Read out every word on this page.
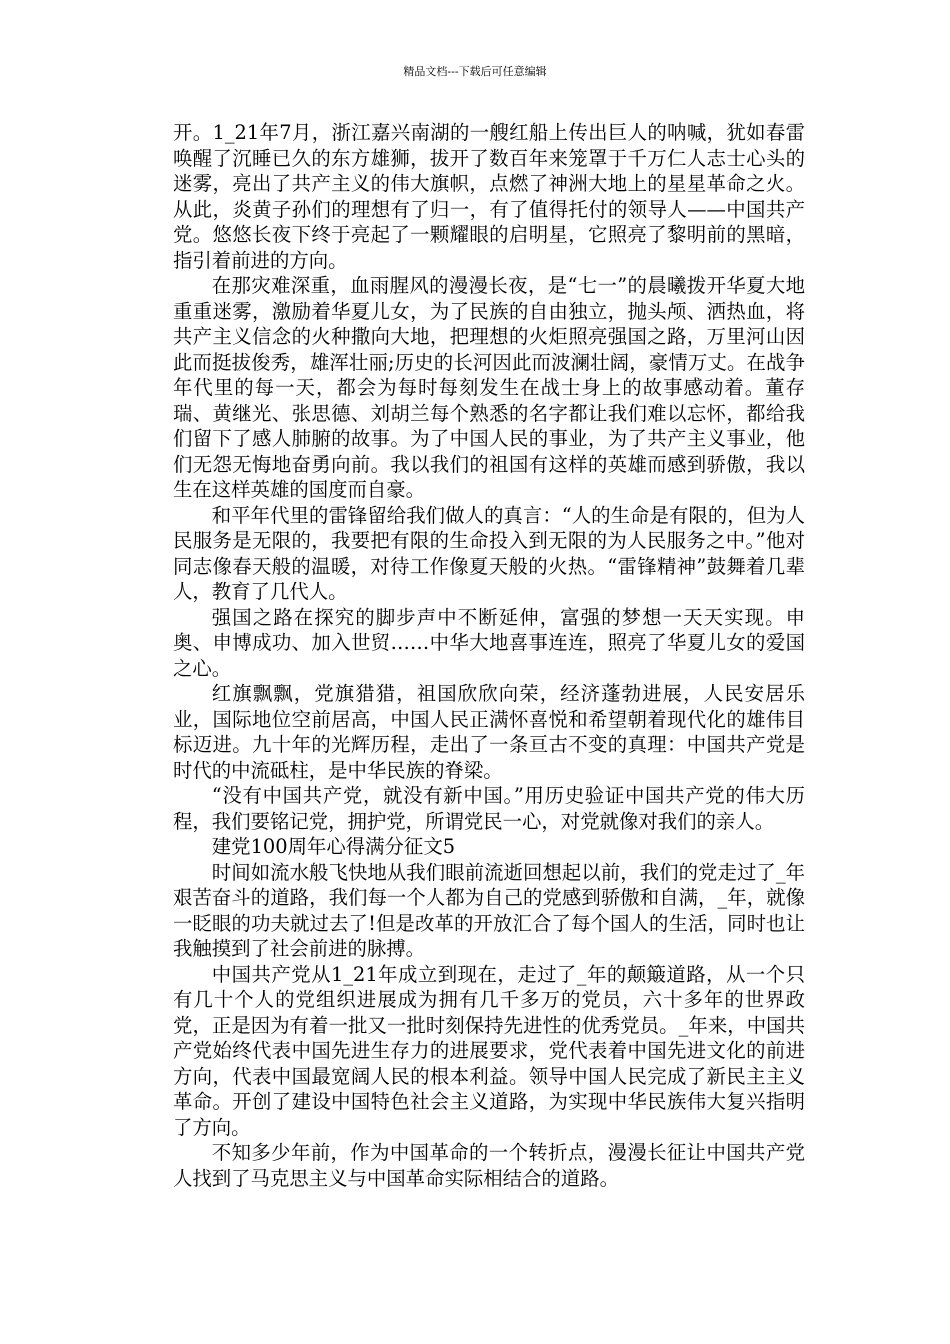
精品文档---下载后可任意编辑

开。1_21年7月，浙江嘉兴南湖的一艘红船上传出巨人的呐喊，犹如春雷唤醒了沉睡已久的东方雄狮，拔开了数百年来笼罩于千万仁人志士心头的迷雾，亮出了共产主义的伟大旗帜，点燃了神洲大地上的星星革命之火。从此，炎黄子孙们的理想有了归一，有了值得托付的领导人——中国共产党。悠悠长夜下终于亮起了一颗耀眼的启明星，它照亮了黎明前的黑暗，指引着前进的方向。

在那灾难深重，血雨腥风的漫漫长夜，是“七一”的晨曦拨开华夏大地重重迷雾，激励着华夏儿女，为了民族的自由独立，抛头颅、洒热血，将共产主义信念的火种撒向大地，把理想的火炬照亮强国之路，万里河山因此而挺拔俊秀，雄浑壮丽;历史的长河因此而波澜壮阔，豪情万丈。在战争年代里的每一天，都会为每时每刻发生在战士身上的故事感动着。董存瑞、黄继光、张思德、刘胡兰每个熟悉的名字都让我们难以忘怀，都给我们留下了感人肺腑的故事。为了中国人民的事业，为了共产主义事业，他们无怨无悔地奋勇向前。我以我们的祖国有这样的英雄而感到骄傲，我以生在这样英雄的国度而自豪。

和平年代里的雷锋留给我们做人的真言：“人的生命是有限的，但为人民服务是无限的，我要把有限的生命投入到无限的为人民服务之中。”他对同志像春天般的温暖，对待工作像夏天般的火热。“雷锋精神”鼓舞着几辈人，教育了几代人。

强国之路在探究的脚步声中不断延伸，富强的梦想一天天实现。申奥、申博成功、加入世贸……中华大地喜事连连，照亮了华夏儿女的爱国之心。

红旗飘飘，党旗猎猎，祖国欣欣向荣，经济蓬勃进展，人民安居乐业，国际地位空前居高，中国人民正满怀喜悦和希望朝着现代化的雄伟目标迈进。九十年的光辉历程，走出了一条亘古不变的真理：中国共产党是时代的中流砥柱，是中华民族的脊梁。

“没有中国共产党，就没有新中国。”用历史验证中国共产党的伟大历程，我们要铭记党，拥护党，所谓党民一心，对党就像对我们的亲人。

建党100周年心得满分征文5

时间如流水般飞快地从我们眼前流逝回想起以前，我们的党走过了_年艰苦奋斗的道路，我们每一个人都为自己的党感到骄傲和自满，_年，就像一眨眼的功夫就过去了!但是改革的开放汇合了每个国人的生活，同时也让我触摸到了社会前进的脉搏。

中国共产党从1_21年成立到现在，走过了_年的颠簸道路，从一个只有几十个人的党组织进展成为拥有几千多万的党员，六十多年的世界政党，正是因为有着一批又一批时刻保持先进性的优秀党员。_年来，中国共产党始终代表中国先进生存力的进展要求，党代表着中国先进文化的前进方向，代表中国最宽阔人民的根本利益。领导中国人民完成了新民主主义革命。开创了建设中国特色社会主义道路，为实现中华民族伟大复兴指明了方向。

不知多少年前，作为中国革命的一个转折点，漫漫长征让中国共产党人找到了马克思主义与中国革命实际相结合的道路。
